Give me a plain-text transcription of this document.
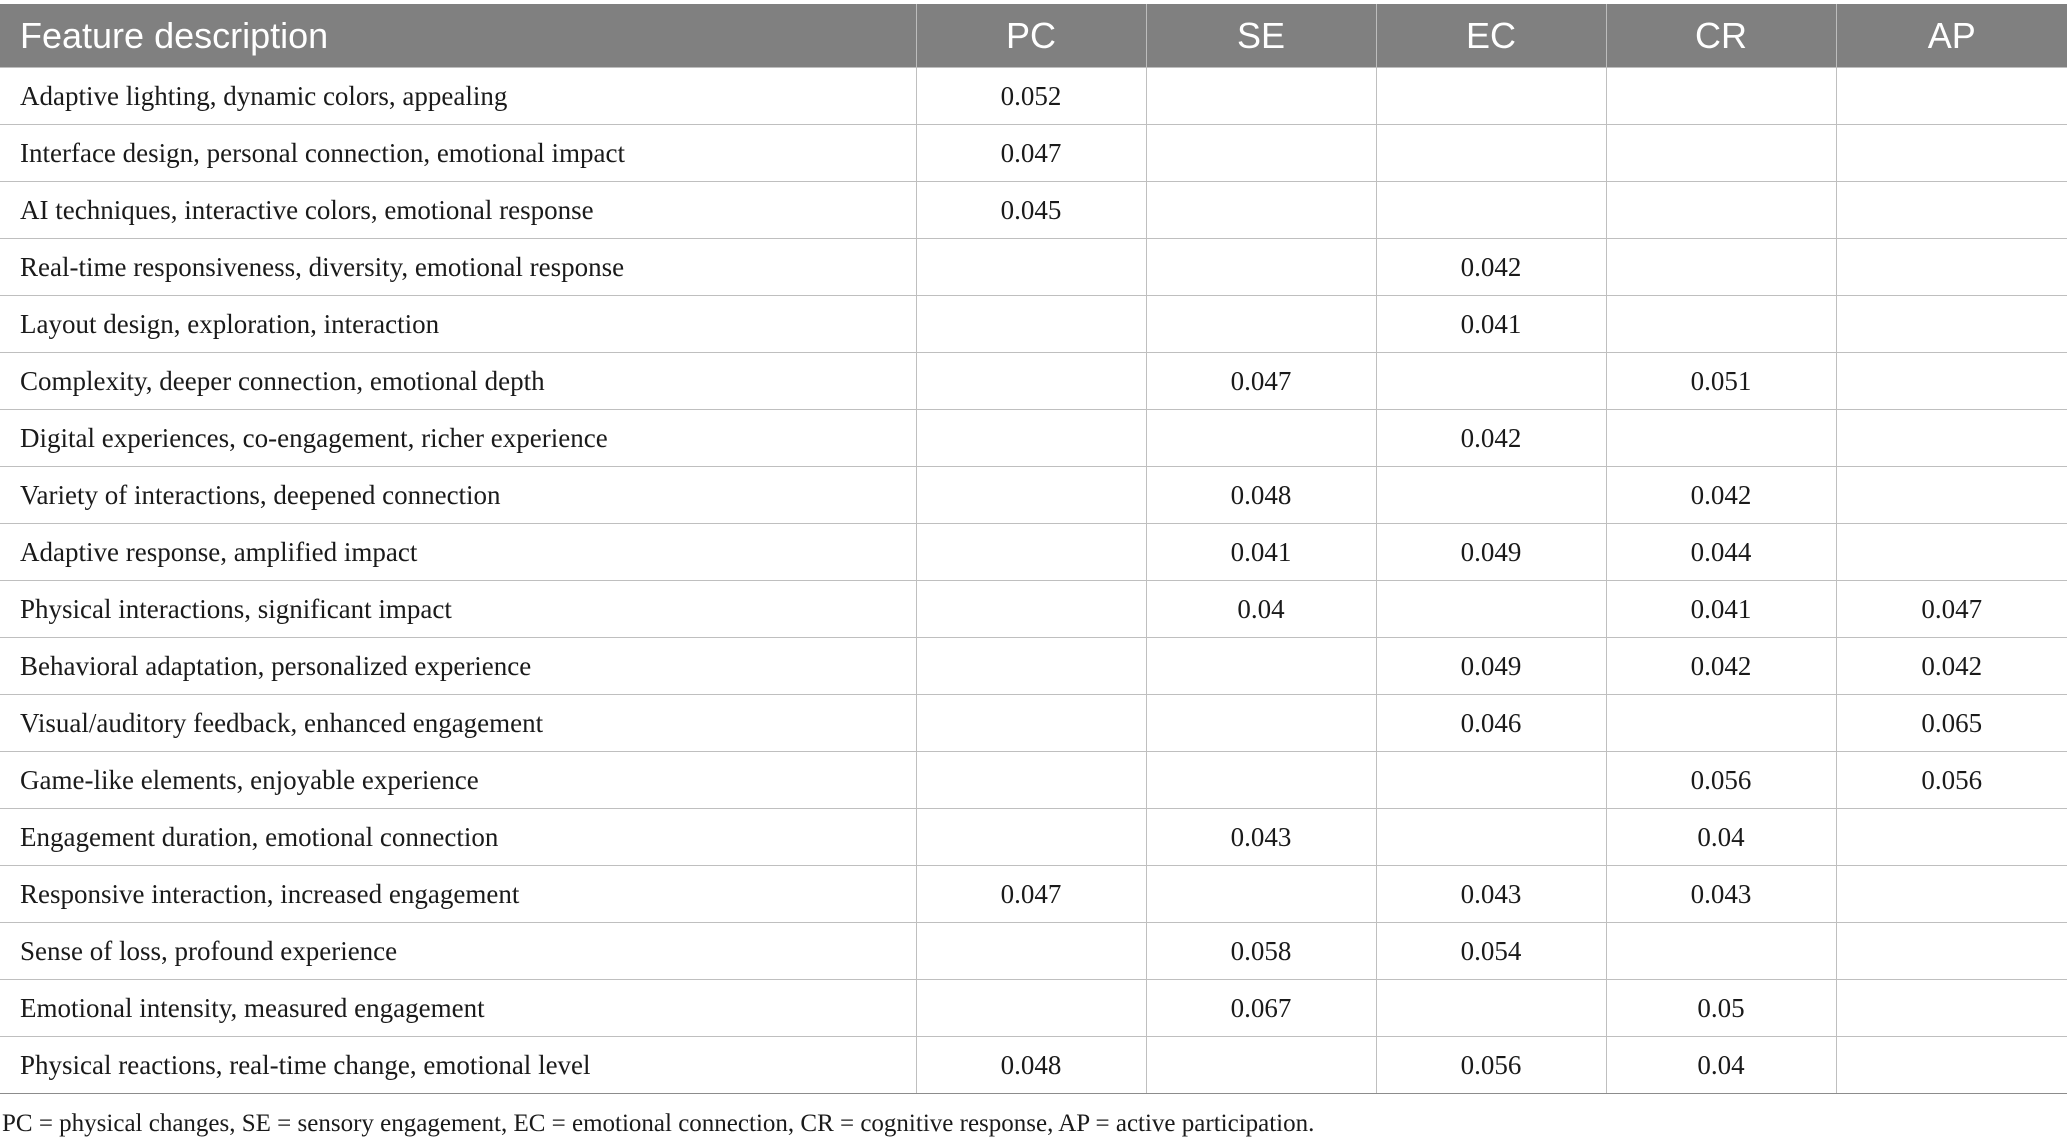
Feature description	PC	SE	EC	CR	AP
Adaptive lighting, dynamic colors, appealing	0.052				
Interface design, personal connection, emotional impact	0.047				
AI techniques, interactive colors, emotional response	0.045				
Real-time responsiveness, diversity, emotional response			0.042		
Layout design, exploration, interaction			0.041		
Complexity, deeper connection, emotional depth		0.047		0.051	
Digital experiences, co-engagement, richer experience			0.042		
Variety of interactions, deepened connection		0.048		0.042	
Adaptive response, amplified impact		0.041	0.049	0.044	
Physical interactions, significant impact		0.04		0.041	0.047
Behavioral adaptation, personalized experience			0.049	0.042	0.042
Visual/auditory feedback, enhanced engagement			0.046		0.065
Game-like elements, enjoyable experience				0.056	0.056
Engagement duration, emotional connection		0.043		0.04	
Responsive interaction, increased engagement	0.047		0.043	0.043	
Sense of loss, profound experience		0.058	0.054		
Emotional intensity, measured engagement		0.067		0.05	
Physical reactions, real-time change, emotional level	0.048		0.056	0.04	
PC = physical changes, SE = sensory engagement, EC = emotional connection, CR = cognitive response, AP = active participation.
